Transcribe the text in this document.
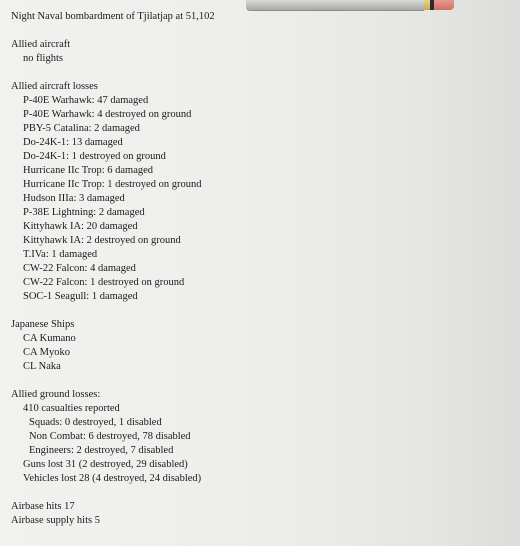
Night Naval bombardment of Tjilatjap at 51,102
Allied aircraft
no flights
Allied aircraft losses
P-40E Warhawk: 47 damaged
P-40E Warhawk: 4 destroyed on ground
PBY-5 Catalina: 2 damaged
Do-24K-1: 13 damaged
Do-24K-1: 1 destroyed on ground
Hurricane IIc Trop: 6 damaged
Hurricane IIc Trop: 1 destroyed on ground
Hudson IIIa: 3 damaged
P-38E Lightning: 2 damaged
Kittyhawk IA: 20 damaged
Kittyhawk IA: 2 destroyed on ground
T.IVa: 1 damaged
CW-22 Falcon: 4 damaged
CW-22 Falcon: 1 destroyed on ground
SOC-1 Seagull: 1 damaged
Japanese Ships
CA Kumano
CA Myoko
CL Naka
Allied ground losses:
410 casualties reported
Squads: 0 destroyed, 1 disabled
Non Combat: 6 destroyed, 78 disabled
Engineers: 2 destroyed, 7 disabled
Guns lost 31 (2 destroyed, 29 disabled)
Vehicles lost 28 (4 destroyed, 24 disabled)
Airbase hits 17
Airbase supply hits 5
